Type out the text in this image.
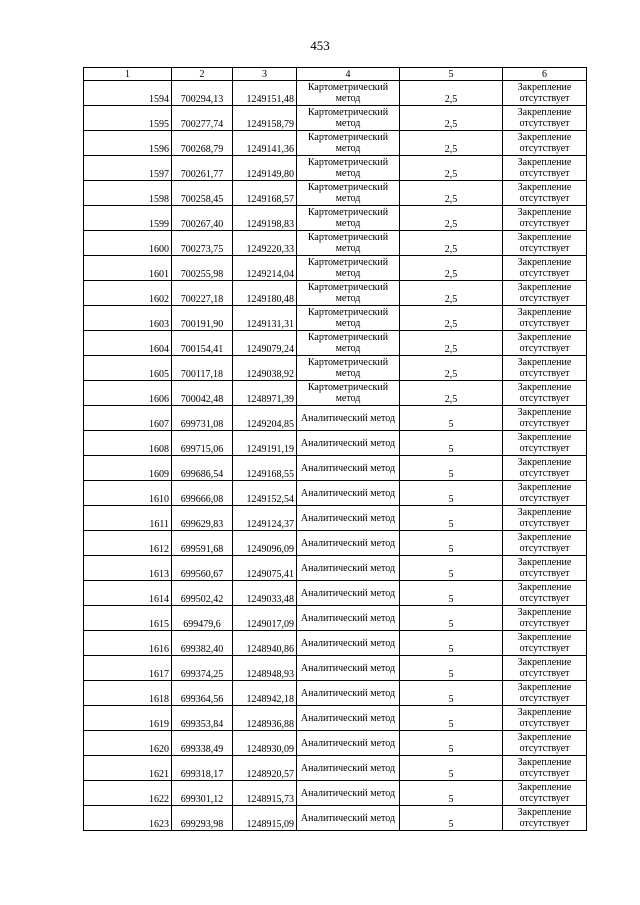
453
1	2	3	4	5	6
1594	700294,13	1249151,48	Картометрический метод	2,5	Закрепление отсутствует
1595	700277,74	1249158,79	Картометрический метод	2,5	Закрепление отсутствует
1596	700268,79	1249141,36	Картометрический метод	2,5	Закрепление отсутствует
1597	700261,77	1249149,80	Картометрический метод	2,5	Закрепление отсутствует
1598	700258,45	1249168,57	Картометрический метод	2,5	Закрепление отсутствует
1599	700267,40	1249198,83	Картометрический метод	2,5	Закрепление отсутствует
1600	700273,75	1249220,33	Картометрический метод	2,5	Закрепление отсутствует
1601	700255,98	1249214,04	Картометрический метод	2,5	Закрепление отсутствует
1602	700227,18	1249180,48	Картометрический метод	2,5	Закрепление отсутствует
1603	700191,90	1249131,31	Картометрический метод	2,5	Закрепление отсутствует
1604	700154,41	1249079,24	Картометрический метод	2,5	Закрепление отсутствует
1605	700117,18	1249038,92	Картометрический метод	2,5	Закрепление отсутствует
1606	700042,48	1248971,39	Картометрический метод	2,5	Закрепление отсутствует
1607	699731,08	1249204,85	Аналитический метод	5	Закрепление отсутствует
1608	699715,06	1249191,19	Аналитический метод	5	Закрепление отсутствует
1609	699686,54	1249168,55	Аналитический метод	5	Закрепление отсутствует
1610	699666,08	1249152,54	Аналитический метод	5	Закрепление отсутствует
1611	699629,83	1249124,37	Аналитический метод	5	Закрепление отсутствует
1612	699591,68	1249096,09	Аналитический метод	5	Закрепление отсутствует
1613	699560,67	1249075,41	Аналитический метод	5	Закрепление отсутствует
1614	699502,42	1249033,48	Аналитический метод	5	Закрепление отсутствует
1615	699479,6	1249017,09	Аналитический метод	5	Закрепление отсутствует
1616	699382,40	1248940,86	Аналитический метод	5	Закрепление отсутствует
1617	699374,25	1248948,93	Аналитический метод	5	Закрепление отсутствует
1618	699364,56	1248942,18	Аналитический метод	5	Закрепление отсутствует
1619	699353,84	1248936,88	Аналитический метод	5	Закрепление отсутствует
1620	699338,49	1248930,09	Аналитический метод	5	Закрепление отсутствует
1621	699318,17	1248920,57	Аналитический метод	5	Закрепление отсутствует
1622	699301,12	1248915,73	Аналитический метод	5	Закрепление отсутствует
1623	699293,98	1248915,09	Аналитический метод	5	Закрепление отсутствует
